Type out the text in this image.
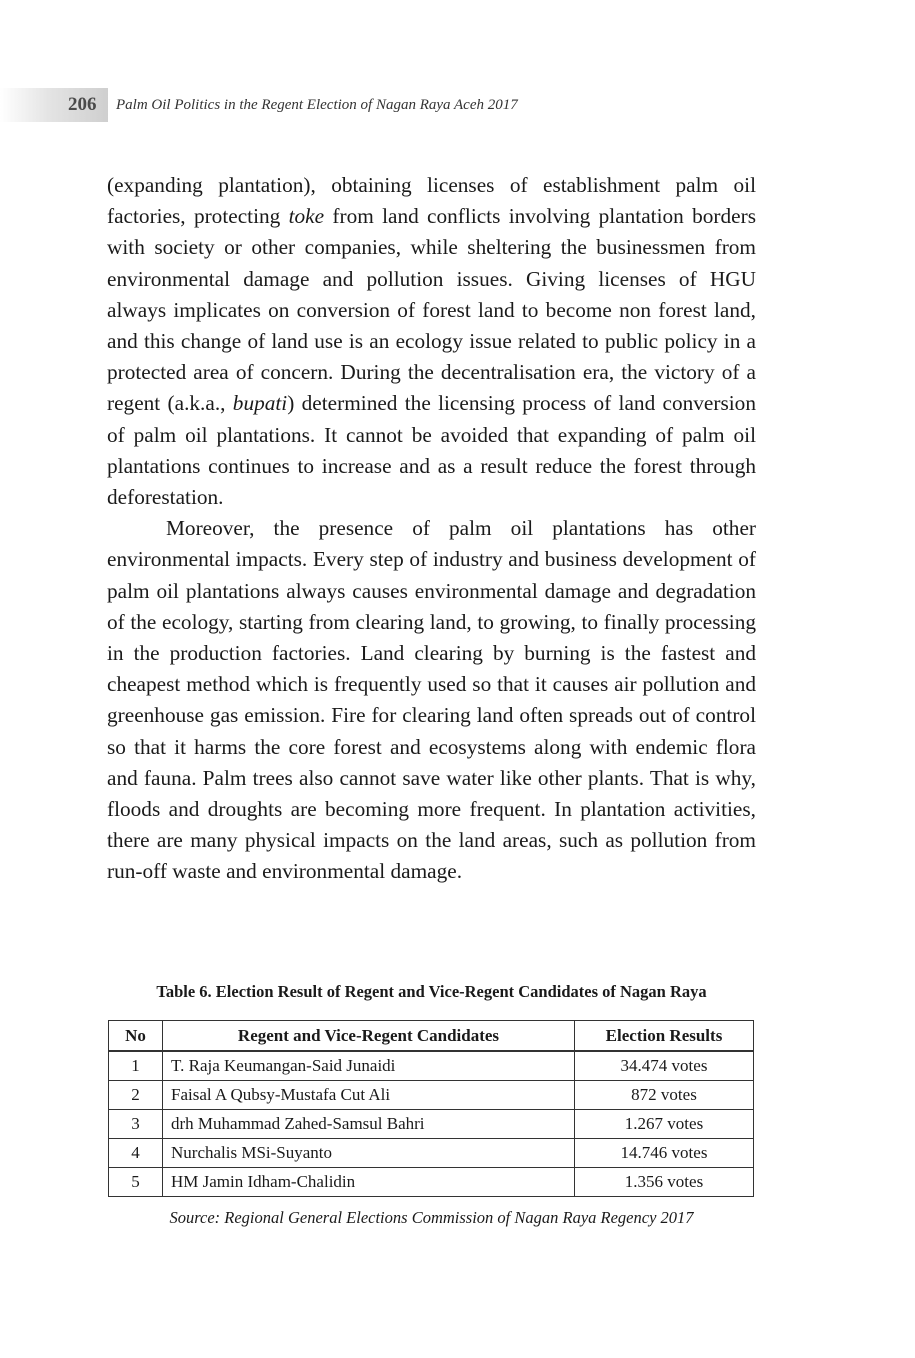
206 Palm Oil Politics in the Regent Election of Nagan Raya Aceh 2017

(expanding plantation), obtaining licenses of establishment palm oil factories, protecting toke from land conflicts involving plantation borders with society or other companies, while sheltering the businessmen from environmental damage and pollution issues. Giving licenses of HGU always implicates on conversion of forest land to become non forest land, and this change of land use is an ecology issue related to public policy in a protected area of concern. During the decentralisation era, the victory of a regent (a.k.a., bupati) determined the licensing process of land conversion of palm oil plantations. It cannot be avoided that expanding of palm oil plantations continues to increase and as a result reduce the forest through deforestation.

Moreover, the presence of palm oil plantations has other environmental impacts. Every step of industry and business development of palm oil plantations always causes environmental damage and degradation of the ecology, starting from clearing land, to growing, to finally processing in the production factories. Land clearing by burning is the fastest and cheapest method which is frequently used so that it causes air pollution and greenhouse gas emission. Fire for clearing land often spreads out of control so that it harms the core forest and ecosystems along with endemic flora and fauna. Palm trees also cannot save water like other plants. That is why, floods and droughts are becoming more frequent. In plantation activities, there are many physical impacts on the land areas, such as pollution from run-off waste and environmental damage.

Table 6. Election Result of Regent and Vice-Regent Candidates of Nagan Raya
No	Regent and Vice-Regent Candidates	Election Results
1	T. Raja Keumangan-Said Junaidi	34.474 votes
2	Faisal A Qubsy-Mustafa Cut Ali	872 votes
3	drh Muhammad Zahed-Samsul Bahri	1.267 votes
4	Nurchalis MSi-Suyanto	14.746 votes
5	HM Jamin Idham-Chalidin	1.356 votes
Source: Regional General Elections Commission of Nagan Raya Regency 2017
